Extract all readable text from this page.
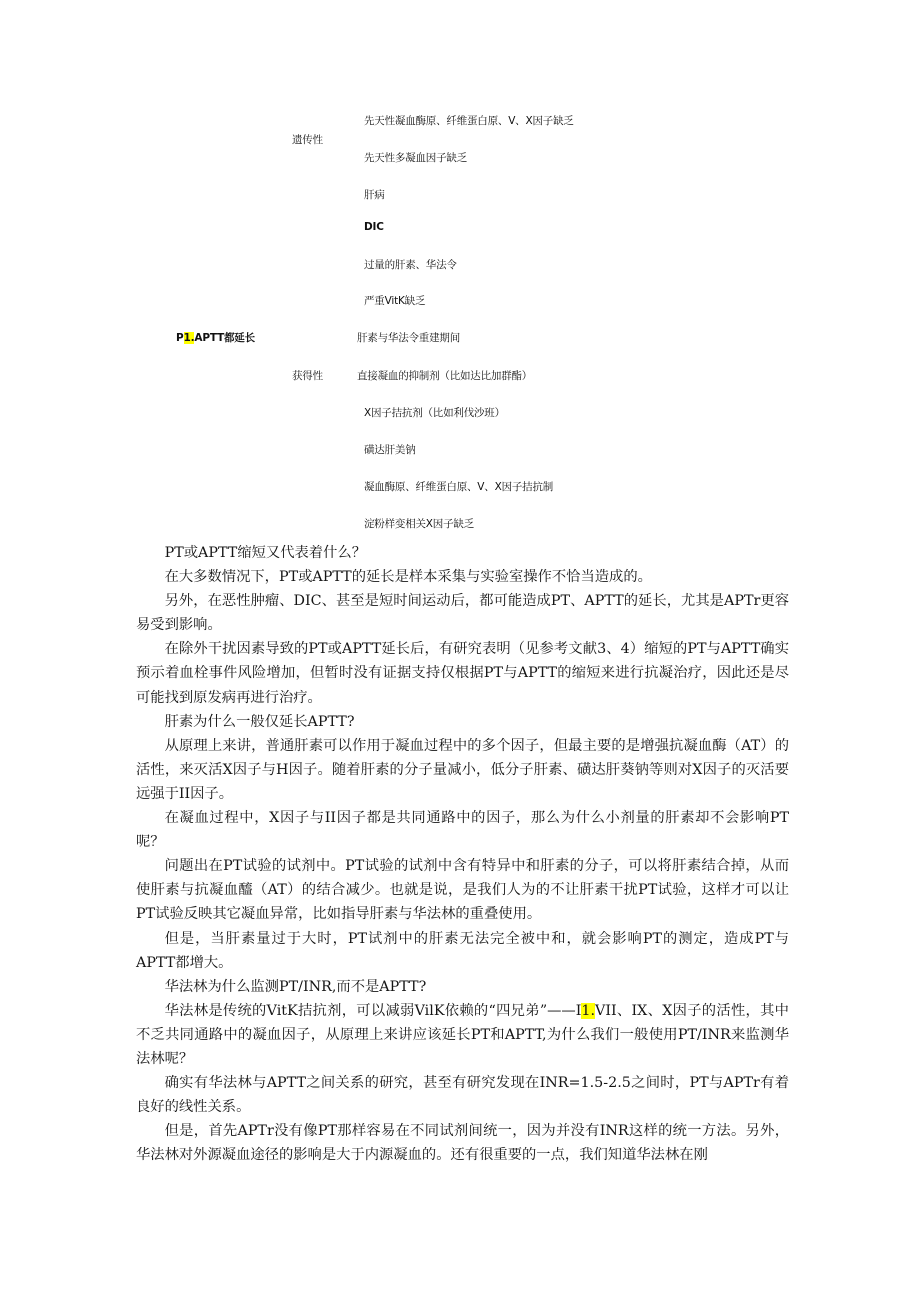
P1.APTT都延长
遗传性
先天性凝血酶原、纤维蛋白原、V、X因子缺乏
先天性多凝血因子缺乏
获得性
肝病
DIC
过量的肝素、华法令
严重VitK缺乏
肝素与华法令重建期间
直接凝血的抑制剂（比如达比加群酯）
X因子拮抗剂（比如利伐沙班）
磺达肝美钠
凝血酶原、纤维蛋白原、V、X因子拮抗制
淀粉样变相关X因子缺乏

PT或APTT缩短又代表着什么？

在大多数情况下，PT或APTT的延长是样本采集与实验室操作不恰当造成的。

另外，在恶性肿瘤、DIC、甚至是短时间运动后，都可能造成PT、APTT的延长，尤其是APTr更容易受到影响。

在除外干扰因素导致的PT或APTT延长后，有研究表明（见参考文献3、4）缩短的PT与APTT确实预示着血栓事件风险增加，但暂时没有证据支持仅根据PT与APTT的缩短来进行抗凝治疗，因此还是尽可能找到原发病再进行治疗。

肝素为什么一般仅延长APTT?

从原理上来讲，普通肝素可以作用于凝血过程中的多个因子，但最主要的是增强抗凝血酶（AT）的活性，来灭活X因子与H因子。随着肝素的分子量减小，低分子肝素、磺达肝葵钠等则对X因子的灭活要远强于II因子。

在凝血过程中，X因子与II因子都是共同通路中的因子，那么为什么小剂量的肝素却不会影响PT呢？

问题出在PT试验的试剂中。PT试验的试剂中含有特异中和肝素的分子，可以将肝素结合掉，从而使肝素与抗凝血醯（AT）的结合减少。也就是说，是我们人为的不让肝素干扰PT试验，这样才可以让PT试验反映其它凝血异常，比如指导肝素与华法林的重叠使用。

但是，当肝素量过于大时，PT试剂中的肝素无法完全被中和，就会影响PT的测定，造成PT与APTT都增大。

华法林为什么监测PT/INR,而不是APTT?

华法林是传统的VitK拮抗剂，可以减弱VilK依赖的“四兄弟”——I1.VII、IX、X因子的活性，其中不乏共同通路中的凝血因子，从原理上来讲应该延长PT和APTT,为什么我们一般使用PT/INR来监测华法林呢？

确实有华法林与APTT之间关系的研究，甚至有研究发现在INR=1.5-2.5之间时，PT与APTr有着良好的线性关系。

但是，首先APTr没有像PT那样容易在不同试剂间统一，因为并没有INR这样的统一方法。另外，华法林对外源凝血途径的影响是大于内源凝血的。还有很重要的一点，我们知道华法林在刚
